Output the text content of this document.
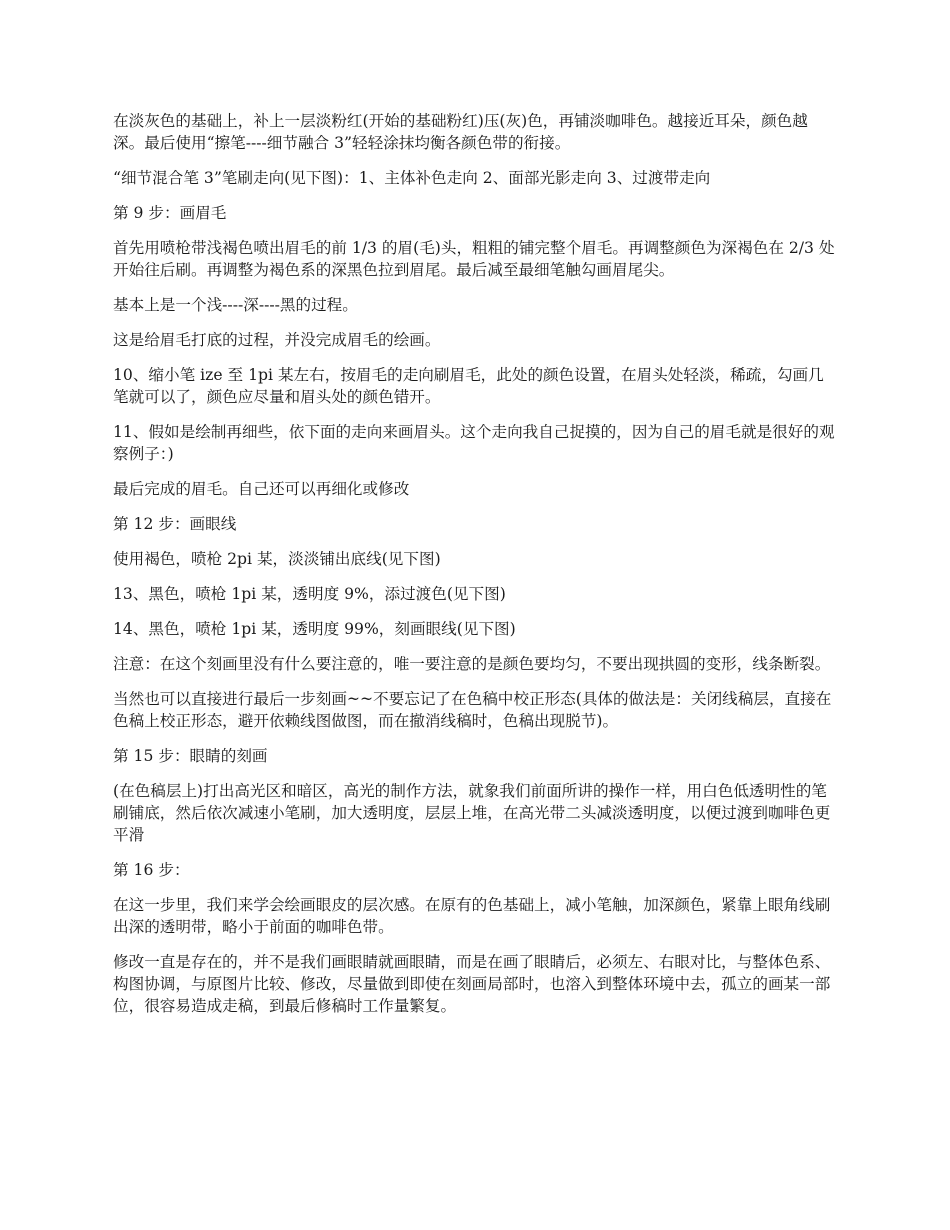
在淡灰色的基础上，补上一层淡粉红(开始的基础粉红)压(灰)色，再铺淡咖啡色。越接近耳朵，颜色越深。最后使用“擦笔----细节融合 3”轻轻涂抹均衡各颜色带的衔接。

“细节混合笔 3”笔刷走向(见下图)：1、主体补色走向 2、面部光影走向 3、过渡带走向

第 9 步：画眉毛

首先用喷枪带浅褐色喷出眉毛的前 1/3 的眉(毛)头，粗粗的铺完整个眉毛。再调整颜色为深褐色在 2/3 处开始往后刷。再调整为褐色系的深黑色拉到眉尾。最后减至最细笔触勾画眉尾尖。

基本上是一个浅----深----黑的过程。

这是给眉毛打底的过程，并没完成眉毛的绘画。

10、缩小笔 ize 至 1pi 某左右，按眉毛的走向刷眉毛，此处的颜色设置，在眉头处轻淡，稀疏，勾画几笔就可以了，颜色应尽量和眉头处的颜色错开。

11、假如是绘制再细些，依下面的走向来画眉头。这个走向我自己捉摸的，因为自己的眉毛就是很好的观察例子：)

最后完成的眉毛。自己还可以再细化或修改

第 12 步：画眼线

使用褐色，喷枪 2pi 某，淡淡铺出底线(见下图)

13、黑色，喷枪 1pi 某，透明度 9%，添过渡色(见下图)

14、黑色，喷枪 1pi 某，透明度 99%，刻画眼线(见下图)

注意：在这个刻画里没有什么要注意的，唯一要注意的是颜色要均匀，不要出现拱圆的变形，线条断裂。

当然也可以直接进行最后一步刻画~~不要忘记了在色稿中校正形态(具体的做法是：关闭线稿层，直接在色稿上校正形态，避开依赖线图做图，而在撤消线稿时，色稿出现脱节)。

第 15 步：眼睛的刻画

(在色稿层上)打出高光区和暗区，高光的制作方法，就象我们前面所讲的操作一样，用白色低透明性的笔刷铺底，然后依次减速小笔刷，加大透明度，层层上堆，在高光带二头减淡透明度，以便过渡到咖啡色更平滑

第 16 步：

在这一步里，我们来学会绘画眼皮的层次感。在原有的色基础上，减小笔触，加深颜色，紧靠上眼角线刷出深的透明带，略小于前面的咖啡色带。

修改一直是存在的，并不是我们画眼睛就画眼睛，而是在画了眼睛后，必须左、右眼对比，与整体色系、构图协调，与原图片比较、修改，尽量做到即使在刻画局部时，也溶入到整体环境中去，孤立的画某一部位，很容易造成走稿，到最后修稿时工作量繁复。
